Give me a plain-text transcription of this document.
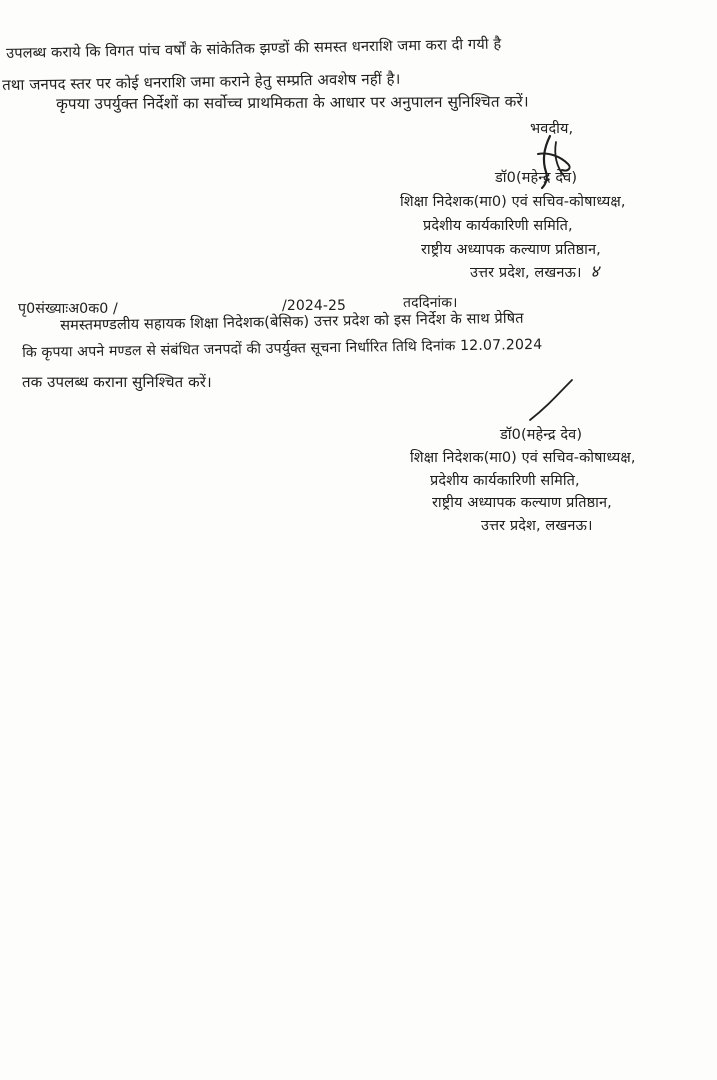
उपलब्ध कराये कि विगत पांच वर्षों के सांकेतिक झण्डों की समस्त धनराशि जमा करा दी गयी है
तथा जनपद स्तर पर कोई धनराशि जमा कराने हेतु सम्प्रति अवशेष नहीं है।
कृपया उपर्युक्त निर्देशों का सर्वोच्च प्राथमिकता के आधार पर अनुपालन सुनिश्चित करें।
भवदीय,
डॉ0(महेन्द्र देव)
शिक्षा निदेशक(मा0) एवं सचिव-कोषाध्यक्ष,
प्रदेशीय कार्यकारिणी समिति,
राष्ट्रीय अध्यापक कल्याण प्रतिष्ठान,
उत्तर प्रदेश, लखनऊ। ४
पृ0संख्याःअ0क0 /	/2024-25	तददिनांक।
समस्तमण्डलीय सहायक शिक्षा निदेशक(बेसिक) उत्तर प्रदेश को इस निर्देश के साथ प्रेषित
कि कृपया अपने मण्डल से संबंधित जनपदों की उपर्युक्त सूचना निर्धारित तिथि दिनांक 12.07.2024
तक उपलब्ध कराना सुनिश्चित करें।
डॉ0(महेन्द्र देव)
शिक्षा निदेशक(मा0) एवं सचिव-कोषाध्यक्ष,
प्रदेशीय कार्यकारिणी समिति,
राष्ट्रीय अध्यापक कल्याण प्रतिष्ठान,
उत्तर प्रदेश, लखनऊ।
